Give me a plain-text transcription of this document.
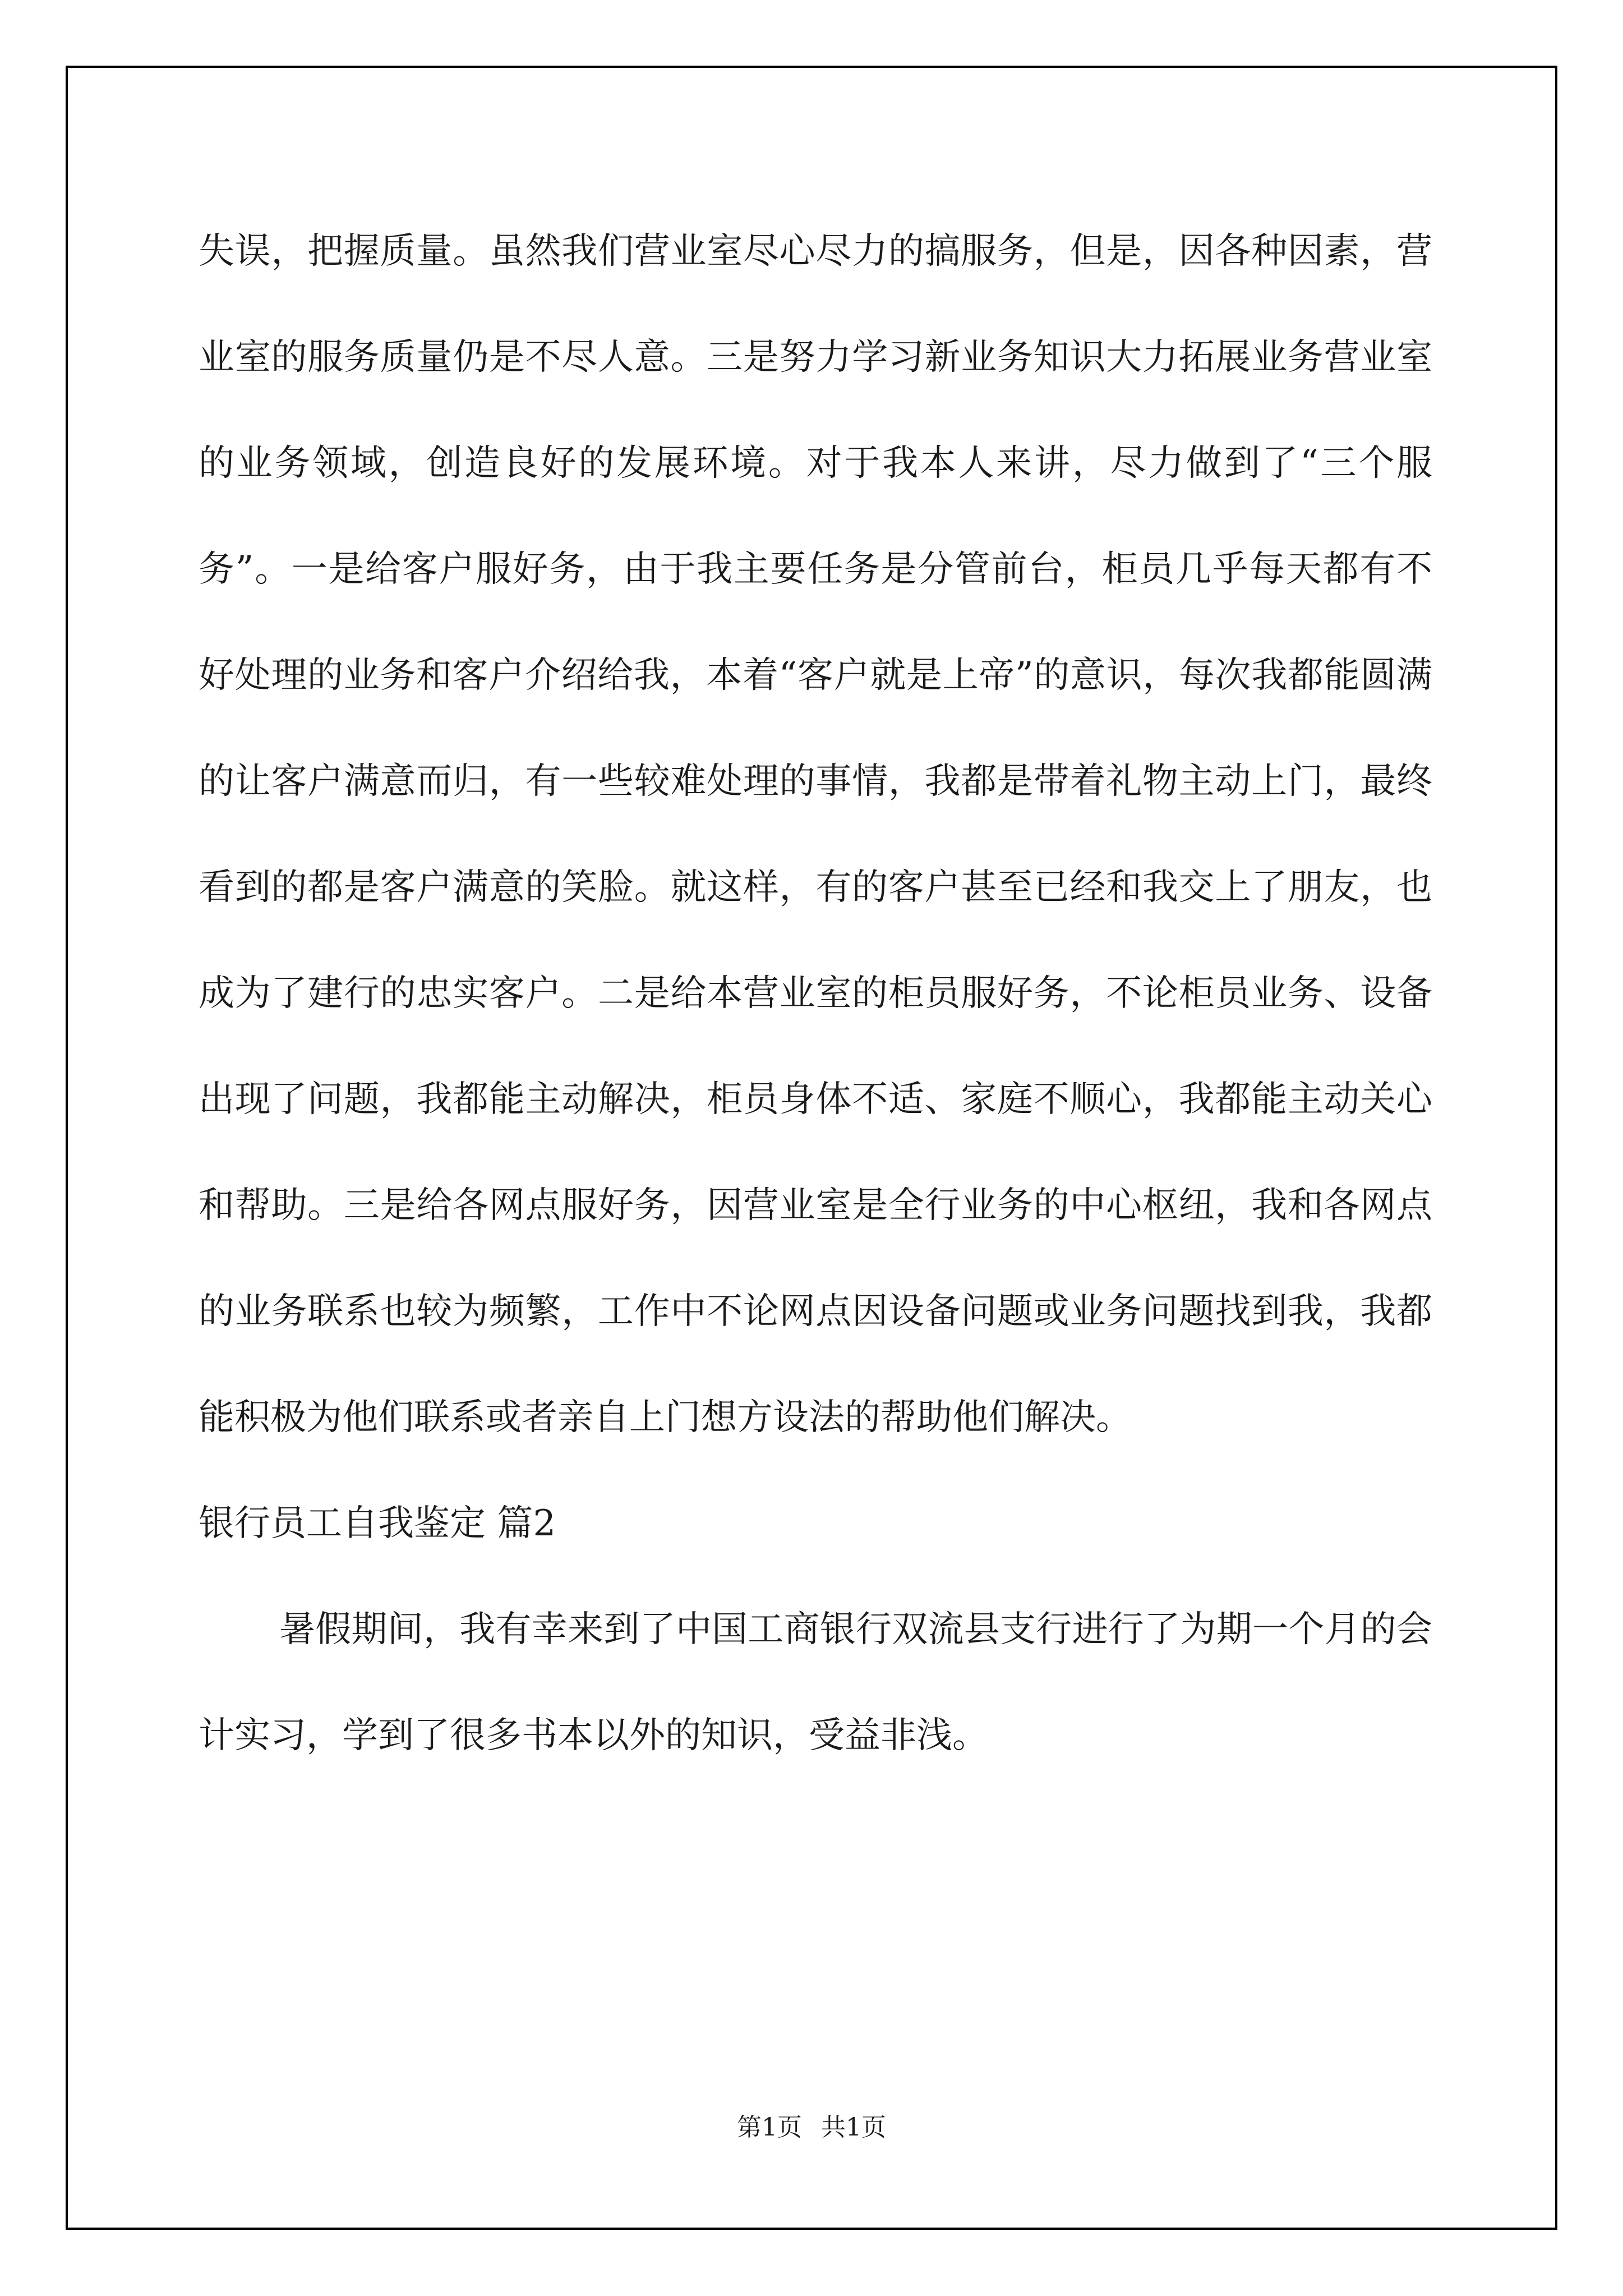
失误，把握质量。虽然我们营业室尽心尽力的搞服务，但是，因各种因素，营业室的服务质量仍是不尽人意。三是努力学习新业务知识大力拓展业务营业室的业务领域，创造良好的发展环境。对于我本人来讲，尽力做到了“三个服务”。一是给客户服好务，由于我主要任务是分管前台，柜员几乎每天都有不好处理的业务和客户介绍给我，本着“客户就是上帝”的意识，每次我都能圆满的让客户满意而归，有一些较难处理的事情，我都是带着礼物主动上门，最终看到的都是客户满意的笑脸。就这样，有的客户甚至已经和我交上了朋友，也成为了建行的忠实客户。二是给本营业室的柜员服好务，不论柜员业务、设备出现了问题，我都能主动解决，柜员身体不适、家庭不顺心，我都能主动关心和帮助。三是给各网点服好务，因营业室是全行业务的中心枢纽，我和各网点的业务联系也较为频繁，工作中不论网点因设备问题或业务问题找到我，我都能积极为他们联系或者亲自上门想方设法的帮助他们解决。

银行员工自我鉴定 篇2

暑假期间，我有幸来到了中国工商银行双流县支行进行了为期一个月的会计实习，学到了很多书本以外的知识，受益非浅。

第1页 共1页
